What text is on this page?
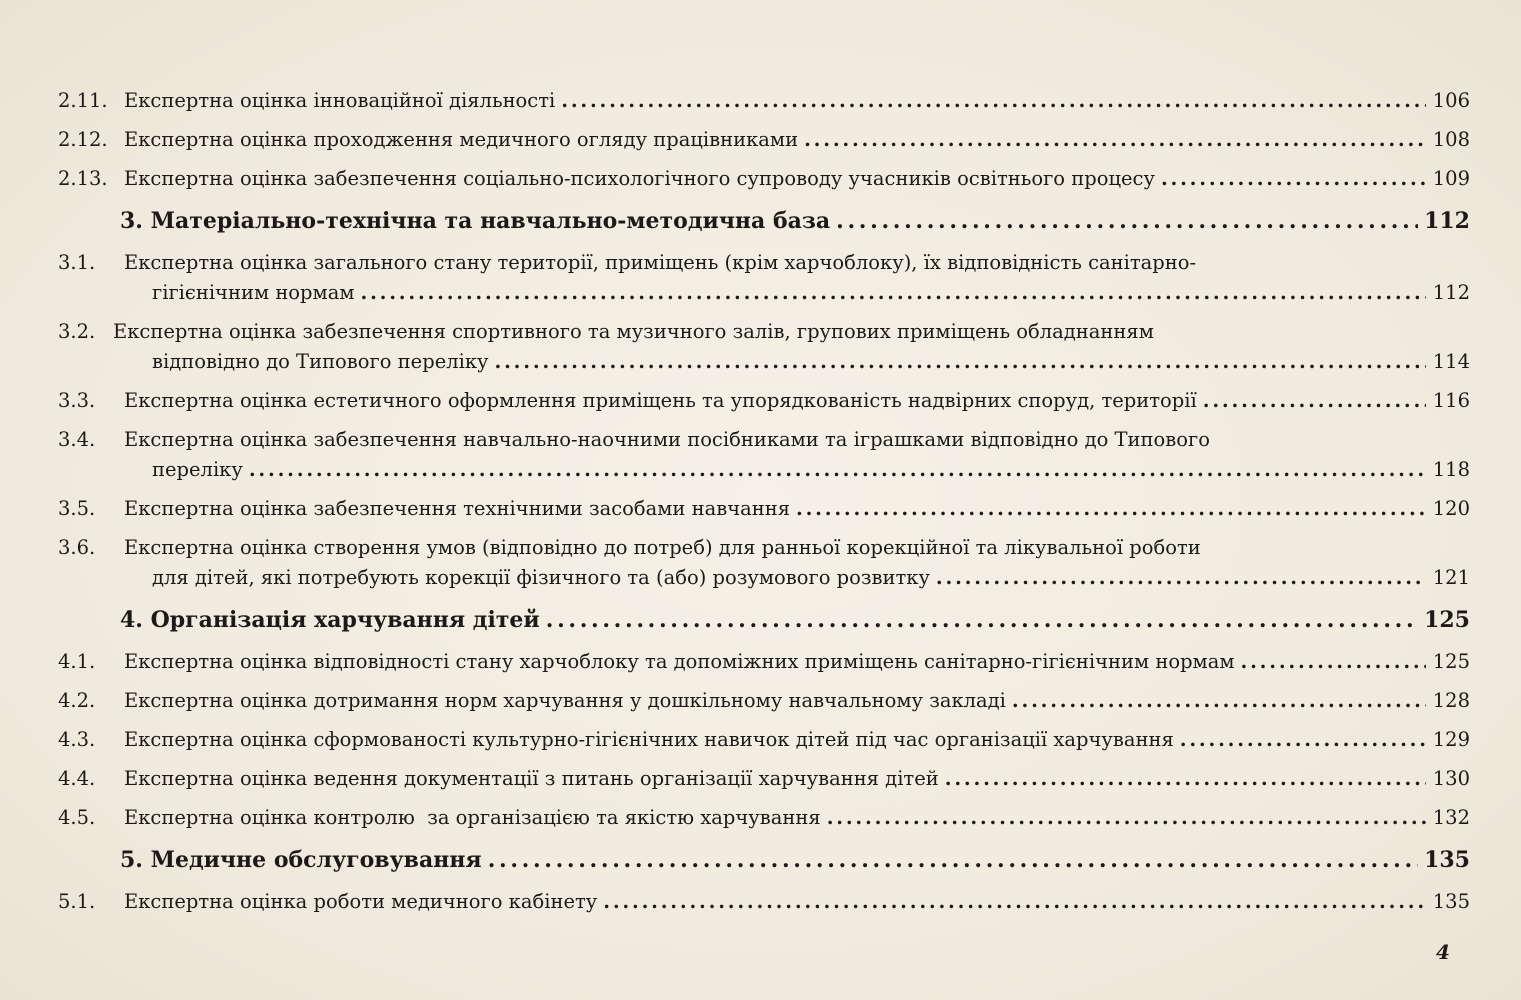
2.11. Експертна оцінка інноваційної діяльності . . .	106
2.12. Експертна оцінка проходження медичного огляду працівниками . . .	108
2.13. Експертна оцінка забезпечення соціально-психологічного супроводу учасників освітнього процесу . . .	109
3. Матеріально-технічна та навчально-методична база . . .	112
3.1.	Експертна оцінка загального стану території, приміщень (крім харчоблоку), їх відповідність санітарно-
гігієнічним нормам . . .	112
3.2. Експертна оцінка забезпечення спортивного та музичного залів, групових приміщень обладнанням
відповідно до Типового переліку . . .	114
3.3.	Експертна оцінка естетичного оформлення приміщень та упорядкованість надвірних споруд, території . . .	116
3.4.	Експертна оцінка забезпечення навчально-наочними посібниками та іграшками відповідно до Типового
переліку . . .	118
3.5.	Експертна оцінка забезпечення технічними засобами навчання . . .	120
3.6.	Експертна оцінка створення умов (відповідно до потреб) для ранньої корекційної та лікувальної роботи
для дітей, які потребують корекції фізичного та (або) розумового розвитку . . .	121
4. Організація харчування дітей . . .	125
4.1.	Експертна оцінка відповідності стану харчоблоку та допоміжних приміщень санітарно-гігієнічним нормам . . .	125
4.2.	Експертна оцінка дотримання норм харчування у дошкільному навчальному закладі . . .	128
4.3.	Експертна оцінка сформованості культурно-гігієнічних навичок дітей під час організації харчування . . .	129
4.4.	Експертна оцінка ведення документації з питань організації харчування дітей . . .	130
4.5.	Експертна оцінка контролю  за організацією та якістю харчування . . .	132
5. Медичне обслуговування . . .	135
5.1.	Експертна оцінка роботи медичного кабінету . . .	135
4
